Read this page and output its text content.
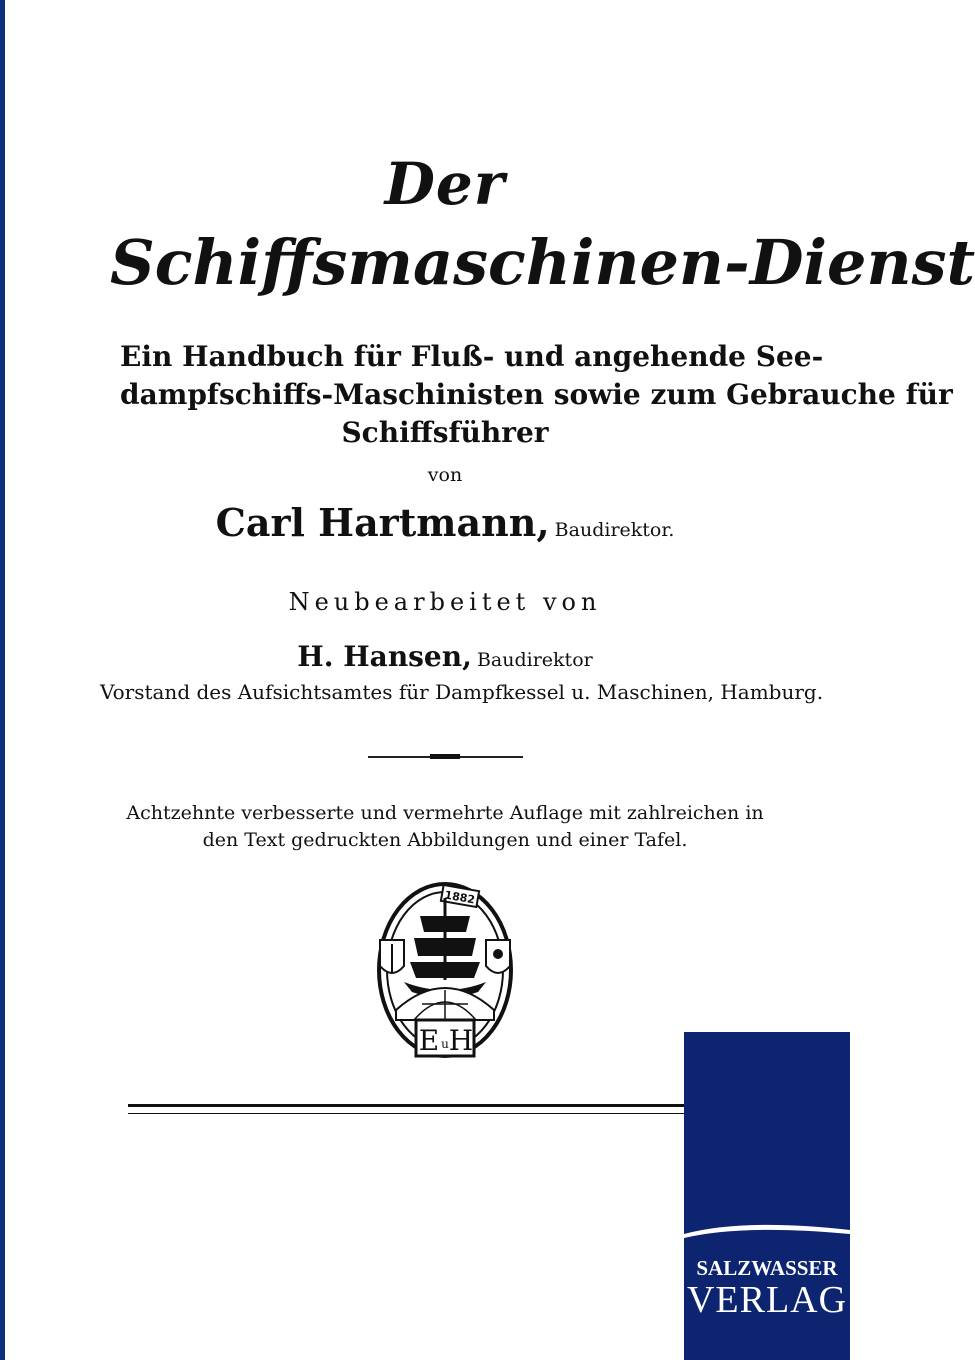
Der
Schiffsmaschinen-Dienst
Ein Handbuch für Fluß- und angehende See-
dampfschiffs-Maschinisten sowie zum Gebrauche für
Schiffsführer
von
Carl Hartmann, Baudirektor.
Neubearbeitet von
H. Hansen, Baudirektor
Vorstand des Aufsichtsamtes für Dampfkessel u. Maschinen, Hamburg.
Achtzehnte verbesserte und vermehrte Auflage mit zahlreichen in
den Text gedruckten Abbildungen und einer Tafel.
1882
E u H
SALZWASSER
VERLAG
